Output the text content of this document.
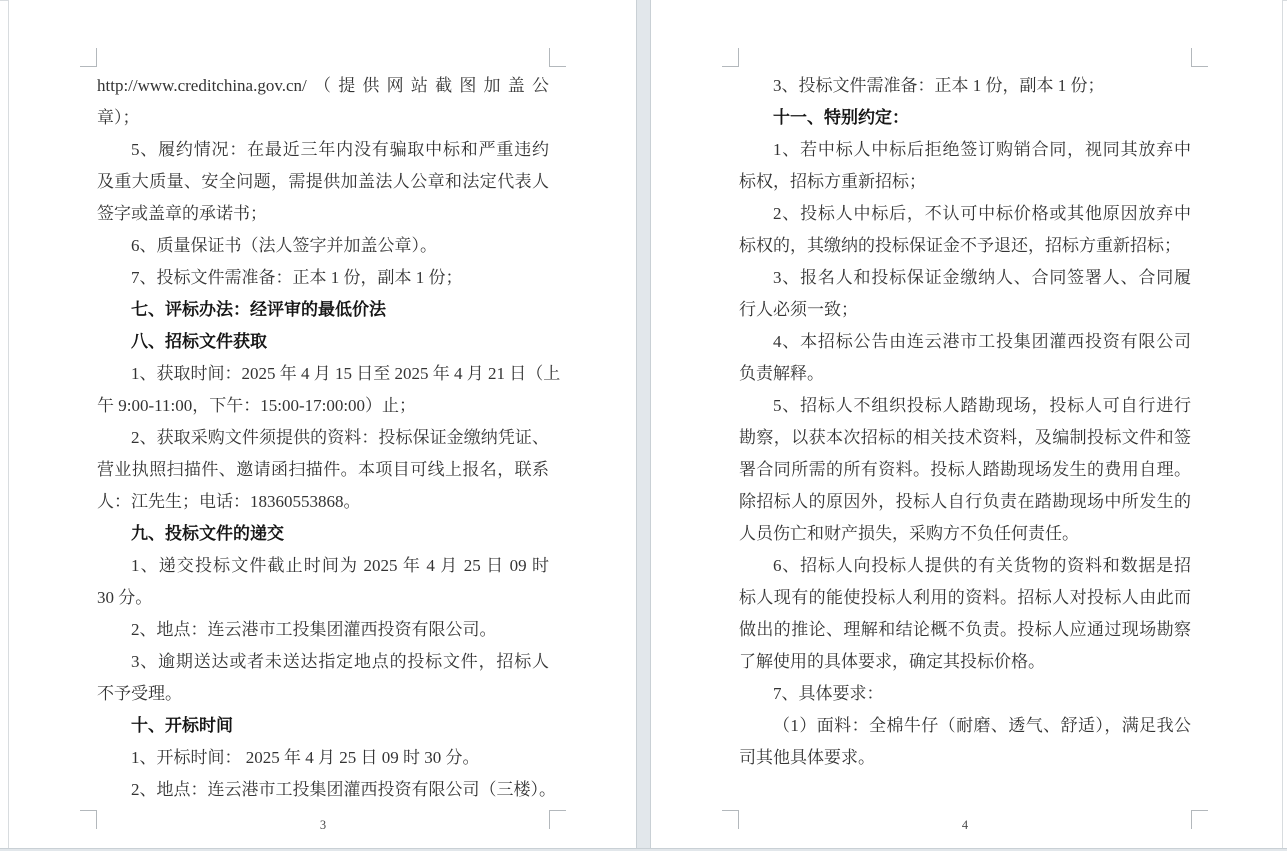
http://www.creditchina.gov.cn/（提供网站截图加盖公
章）；
5、履约情况：在最近三年内没有骗取中标和严重违约
及重大质量、安全问题，需提供加盖法人公章和法定代表人
签字或盖章的承诺书；
6、质量保证书（法人签字并加盖公章）。
7、投标文件需准备：正本 1 份，副本 1 份；
七、评标办法：经评审的最低价法
八、招标文件获取
1、获取时间：2025 年 4 月 15 日至 2025 年 4 月 21 日（上
午 9:00-11:00，下午：15:00-17:00:00）止；
2、获取采购文件须提供的资料：投标保证金缴纳凭证、
营业执照扫描件、邀请函扫描件。本项目可线上报名，联系
人：江先生；电话：18360553868。
九、投标文件的递交
1、递交投标文件截止时间为 2025 年 4 月 25 日 09 时
30 分。
2、地点：连云港市工投集团灌西投资有限公司。
3、逾期送达或者未送达指定地点的投标文件，招标人
不予受理。
十、开标时间
1、开标时间： 2025 年 4 月 25 日 09 时 30 分。
2、地点：连云港市工投集团灌西投资有限公司（三楼）。
3
3、投标文件需准备：正本 1 份，副本 1 份；
十一、特别约定：
1、若中标人中标后拒绝签订购销合同，视同其放弃中
标权，招标方重新招标；
2、投标人中标后，不认可中标价格或其他原因放弃中
标权的，其缴纳的投标保证金不予退还，招标方重新招标；
3、报名人和投标保证金缴纳人、合同签署人、合同履
行人必须一致；
4、本招标公告由连云港市工投集团灌西投资有限公司
负责解释。
5、招标人不组织投标人踏勘现场，投标人可自行进行
勘察，以获本次招标的相关技术资料，及编制投标文件和签
署合同所需的所有资料。投标人踏勘现场发生的费用自理。
除招标人的原因外，投标人自行负责在踏勘现场中所发生的
人员伤亡和财产损失，采购方不负任何责任。
6、招标人向投标人提供的有关货物的资料和数据是招
标人现有的能使投标人利用的资料。招标人对投标人由此而
做出的推论、理解和结论概不负责。投标人应通过现场勘察
了解使用的具体要求，确定其投标价格。
7、具体要求：
（1）面料：全棉牛仔（耐磨、透气、舒适），满足我公
司其他具体要求。
4
